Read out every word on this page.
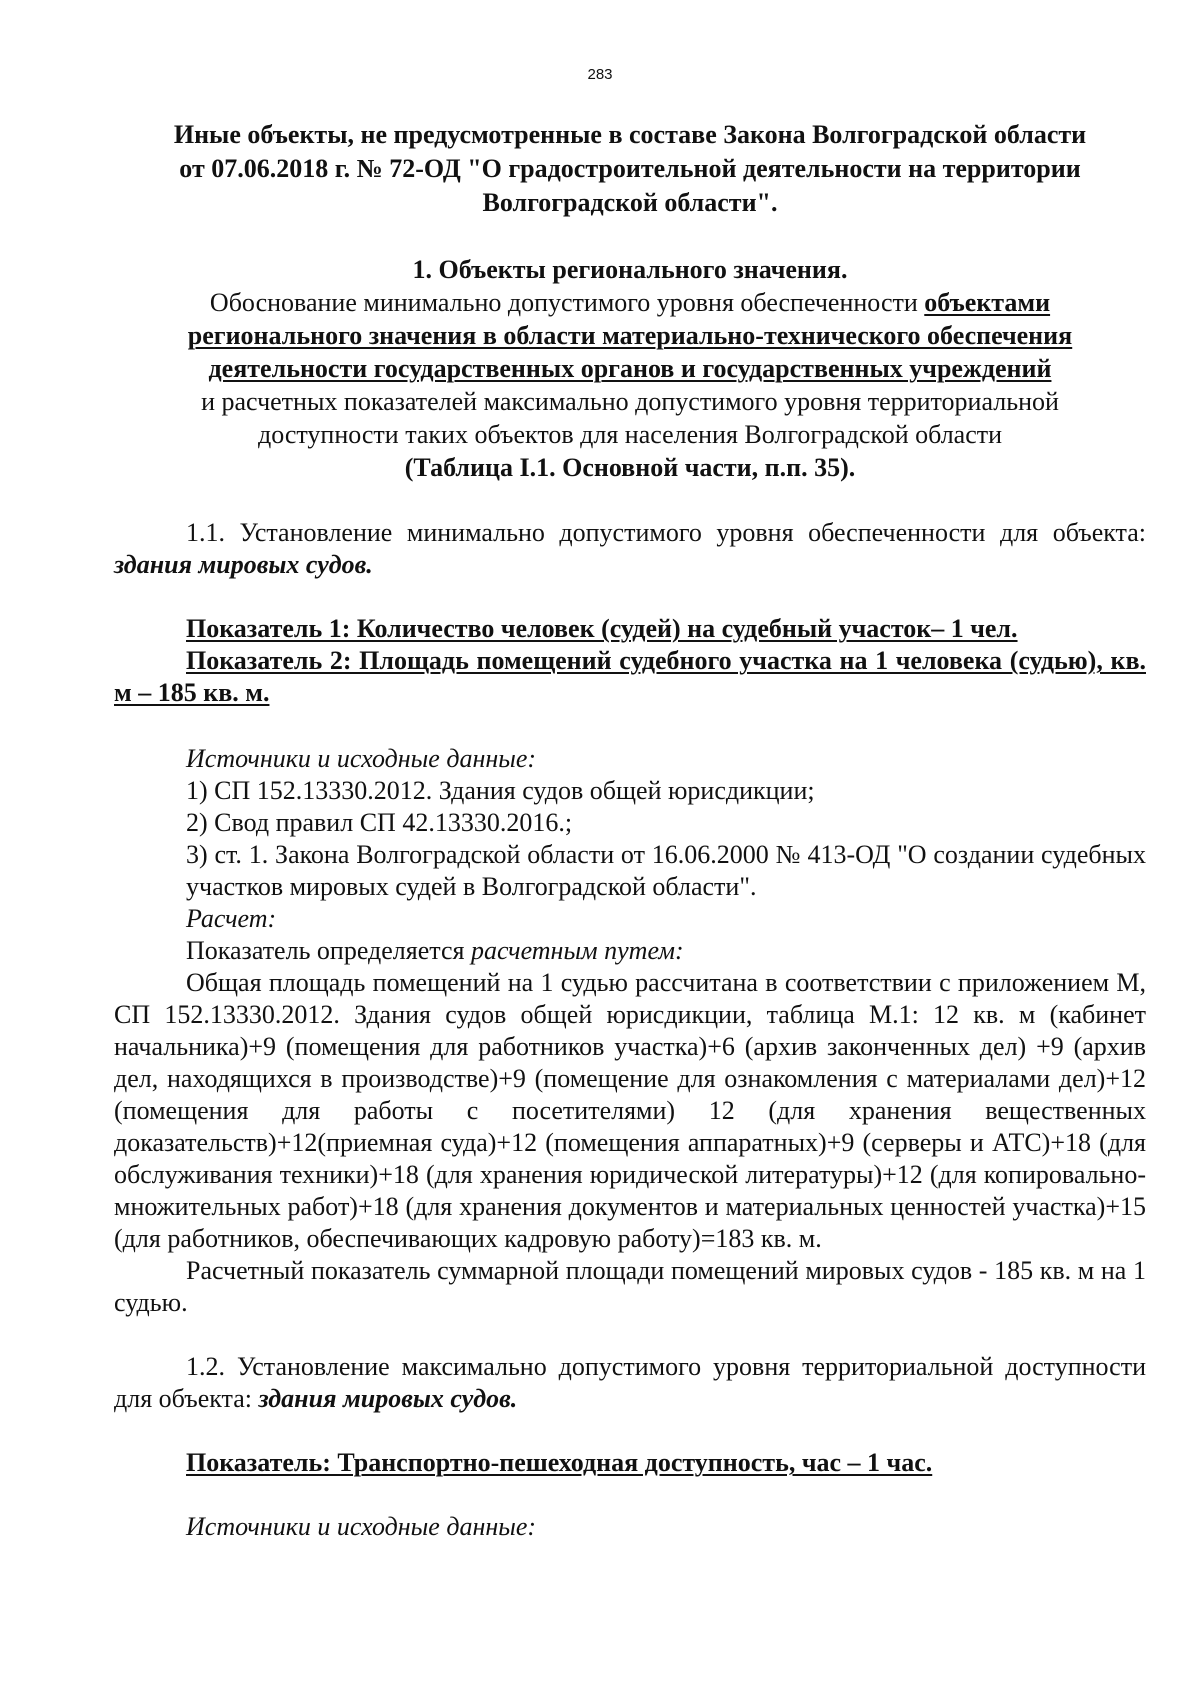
283

Иные объекты, не предусмотренные в составе Закона Волгоградской области

от 07.06.2018 г. № 72-ОД "О градостроительной деятельности на территории

Волгоградской области".

1. Объекты регионального значения.

Обоснование минимально допустимого уровня обеспеченности объектами

регионального значения в области материально-технического обеспечения

деятельности государственных органов и государственных учреждений

и расчетных показателей максимально допустимого уровня территориальной

доступности таких объектов для населения Волгоградской области

(Таблица I.1. Основной части, п.п. 35).

1.1. Установление минимально допустимого уровня обеспеченности для объекта: здания мировых судов.

Показатель 1: Количество человек (судей) на судебный участок– 1 чел.

Показатель 2: Площадь помещений судебного участка на 1 человека (судью), кв. м – 185 кв. м.

Источники и исходные данные:

1) СП 152.13330.2012. Здания судов общей юрисдикции;

2) Свод правил СП 42.13330.2016.;

3) ст. 1. Закона Волгоградской области от 16.06.2000 № 413-ОД "О создании судебных участков мировых судей в Волгоградской области".

Расчет:

Показатель определяется расчетным путем:

Общая площадь помещений на 1 судью рассчитана в соответствии с приложением М, СП 152.13330.2012. Здания судов общей юрисдикции, таблица М.1: 12 кв. м (кабинет начальника)+9 (помещения для работников участка)+6 (архив законченных дел) +9 (архив дел, находящихся в производстве)+9 (помещение для ознакомления с материалами дел)+12 (помещения для работы с посетителями) 12 (для хранения вещественных доказательств)+12(приемная суда)+12 (помещения аппаратных)+9 (серверы и АТС)+18 (для обслуживания техники)+18 (для хранения юридической литературы)+12 (для копировально-множительных работ)+18 (для хранения документов и материальных ценностей участка)+15 (для работников, обеспечивающих кадровую работу)=183 кв. м.

Расчетный показатель суммарной площади помещений мировых судов - 185 кв. м на 1 судью.

1.2. Установление максимально допустимого уровня территориальной доступности для объекта: здания мировых судов.

Показатель: Транспортно-пешеходная доступность, час – 1 час.

Источники и исходные данные:
